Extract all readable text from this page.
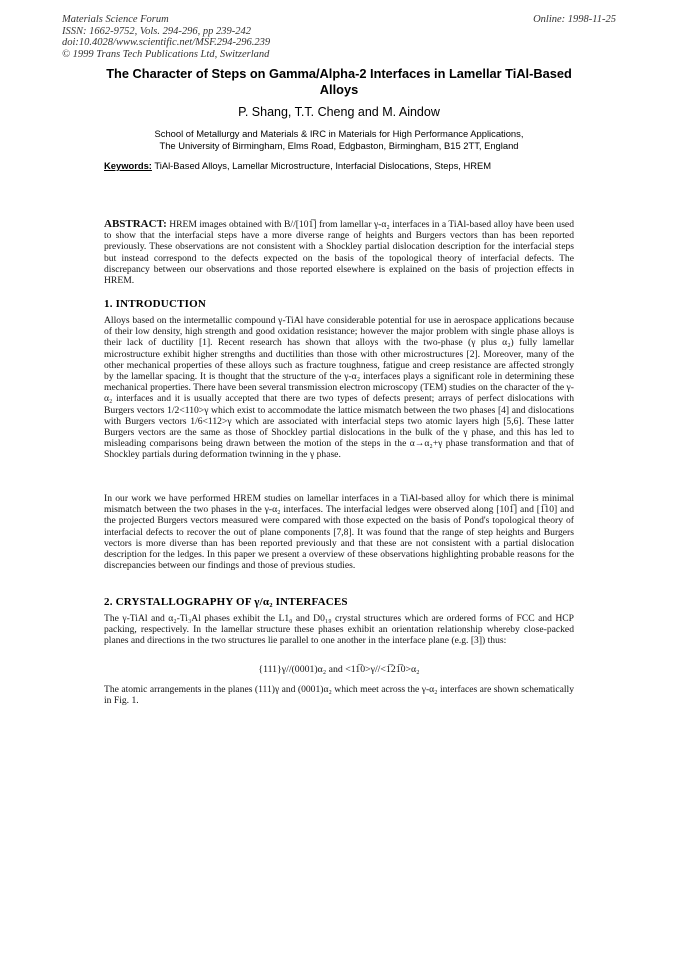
Materials Science Forum
ISSN: 1662-9752, Vols. 294-296, pp 239-242
doi:10.4028/www.scientific.net/MSF.294-296.239
© 1999 Trans Tech Publications Ltd, Switzerland
Online: 1998-11-25
The Character of Steps on Gamma/Alpha-2 Interfaces in Lamellar TiAl-Based Alloys
P. Shang, T.T. Cheng and M. Aindow
School of Metallurgy and Materials & IRC in Materials for High Performance Applications,
The University of Birmingham, Elms Road, Edgbaston, Birmingham, B15 2TT, England
Keywords: TiAl-Based Alloys, Lamellar Microstructure, Interfacial Dislocations, Steps, HREM
ABSTRACT: HREM images obtained with B//[101̅] from lamellar γ-α₂ interfaces in a TiAl-based alloy have been used to show that the interfacial steps have a more diverse range of heights and Burgers vectors than has been reported previously. These observations are not consistent with a Shockley partial dislocation description for the interfacial steps but instead correspond to the defects expected on the basis of the topological theory of interfacial defects. The discrepancy between our observations and those reported elsewhere is explained on the basis of projection effects in HREM.
1. INTRODUCTION
Alloys based on the intermetallic compound γ-TiAl have considerable potential for use in aerospace applications because of their low density, high strength and good oxidation resistance; however the major problem with single phase alloys is their lack of ductility [1]. Recent research has shown that alloys with the two-phase (γ plus α₂) fully lamellar microstructure exhibit higher strengths and ductilities than those with other microstructures [2]. Moreover, many of the other mechanical properties of these alloys such as fracture toughness, fatigue and creep resistance are affected strongly by the lamellar spacing. It is thought that the structure of the γ-α₂ interfaces plays a significant role in determining these mechanical properties. There have been several transmission electron microscopy (TEM) studies on the character of the γ-α₂ interfaces and it is usually accepted that there are two types of defects present; arrays of perfect dislocations with Burgers vectors 1/2<110>γ which exist to accommodate the lattice mismatch between the two phases [4] and dislocations with Burgers vectors 1/6<112>γ which are associated with interfacial steps two atomic layers high [5,6]. These latter Burgers vectors are the same as those of Shockley partial dislocations in the bulk of the γ phase, and this has led to misleading comparisons being drawn between the motion of the steps in the α→α₂+γ phase transformation and that of Shockley partials during deformation twinning in the γ phase.
In our work we have performed HREM studies on lamellar interfaces in a TiAl-based alloy for which there is minimal mismatch between the two phases in the γ-α₂ interfaces. The interfacial ledges were observed along [101̅] and [1̅10] and the projected Burgers vectors measured were compared with those expected on the basis of Pond's topological theory of interfacial defects to recover the out of plane components [7,8]. It was found that the range of step heights and Burgers vectors is more diverse than has been reported previously and that these are not consistent with a partial dislocation description for the ledges. In this paper we present a overview of these observations highlighting probable reasons for the discrepancies between our findings and those of previous studies.
2. CRYSTALLOGRAPHY OF γ/α₂ INTERFACES
The γ-TiAl and α₂-Ti₃Al phases exhibit the L1₀ and D0₁₉ crystal structures which are ordered forms of FCC and HCP packing, respectively. In the lamellar structure these phases exhibit an orientation relationship whereby close-packed planes and directions in the two structures lie parallel to one another in the interface plane (e.g. [3]) thus:
{111}γ//(0001)α₂ and <11̅0>γ//<1̅21̅0>α₂
The atomic arrangements in the planes (111)γ and (0001)α₂ which meet across the γ-α₂ interfaces are shown schematically in Fig. 1.
